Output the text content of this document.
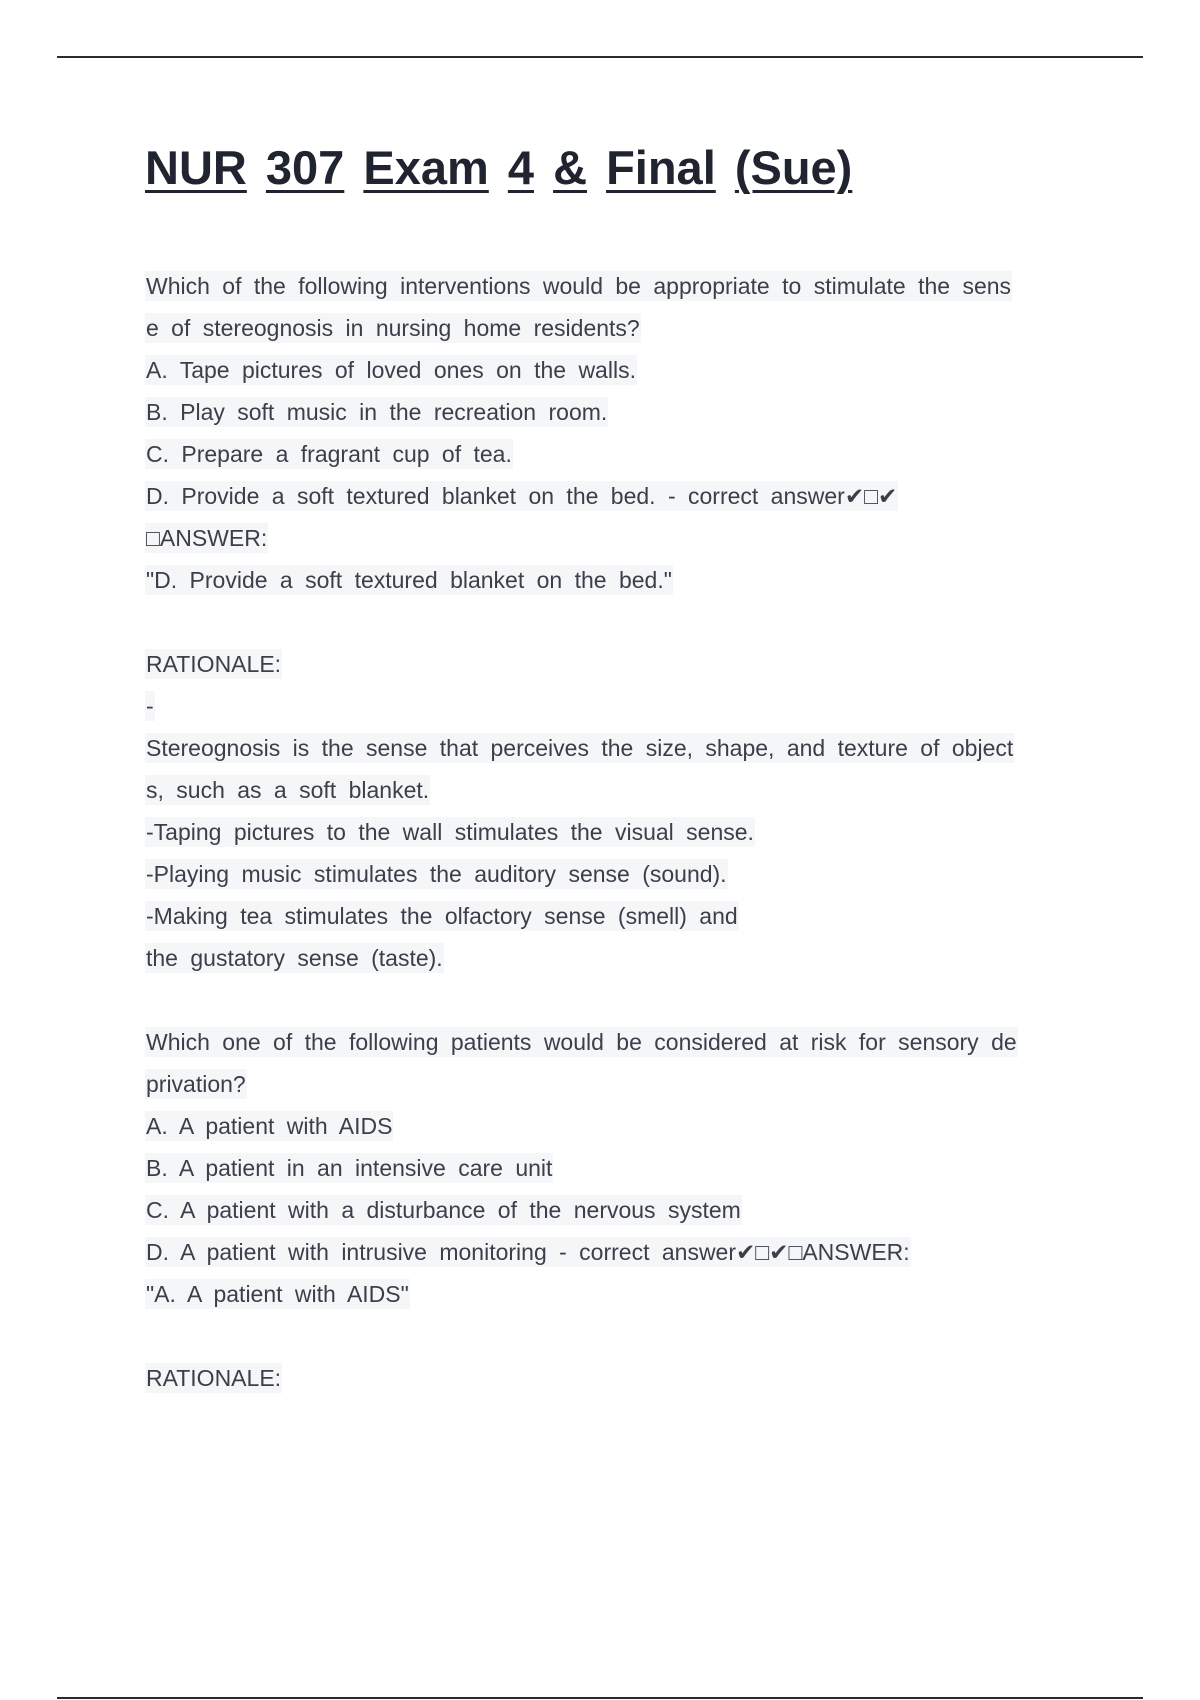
NUR 307 Exam 4 & Final (Sue)
Which of the following interventions would be appropriate to stimulate the sens
e of stereognosis in nursing home residents?
A. Tape pictures of loved ones on the walls.
B. Play soft music in the recreation room.
C. Prepare a fragrant cup of tea.
D. Provide a soft textured blanket on the bed. - correct answer✔□✔
□ANSWER:
"D. Provide a soft textured blanket on the bed."
RATIONALE:
-
Stereognosis is the sense that perceives the size, shape, and texture of object
s, such as a soft blanket.
-Taping pictures to the wall stimulates the visual sense.
-Playing music stimulates the auditory sense (sound).
-Making tea stimulates the olfactory sense (smell) and
the gustatory sense (taste).
Which one of the following patients would be considered at risk for sensory de
privation?
A. A patient with AIDS
B. A patient in an intensive care unit
C. A patient with a disturbance of the nervous system
D. A patient with intrusive monitoring - correct answer✔□✔□ANSWER:
"A. A patient with AIDS"
RATIONALE:
